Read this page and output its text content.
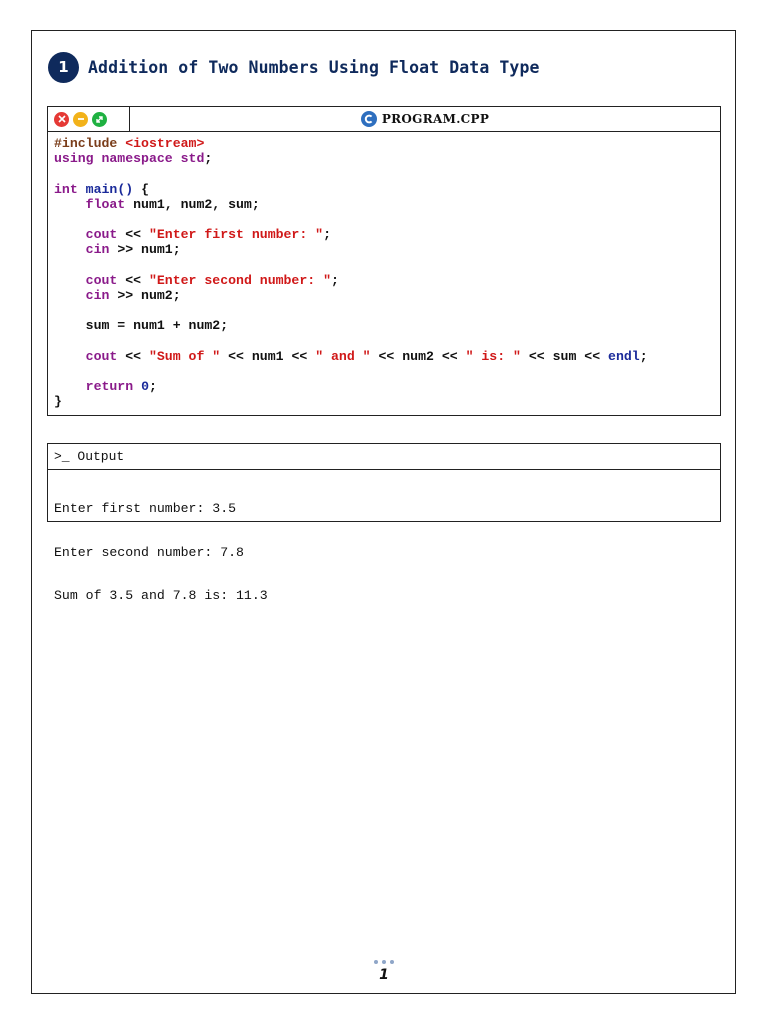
1	Addition of Two Numbers Using Float Data Type
PROGRAM.CPP
#include <iostream>
using namespace std;
int main() {
float num1, num2, sum;
cout << "Enter first number: ";
cin >> num1;
cout << "Enter second number: ";
cin >> num2;
sum = num1 + num2;
cout << "Sum of " << num1 << " and " << num2 << " is: " << sum << endl;
return 0;
}
>_ Output

Enter first number: 3.5

Enter second number: 7.8

Sum of 3.5 and 7.8 is: 11.3

1
